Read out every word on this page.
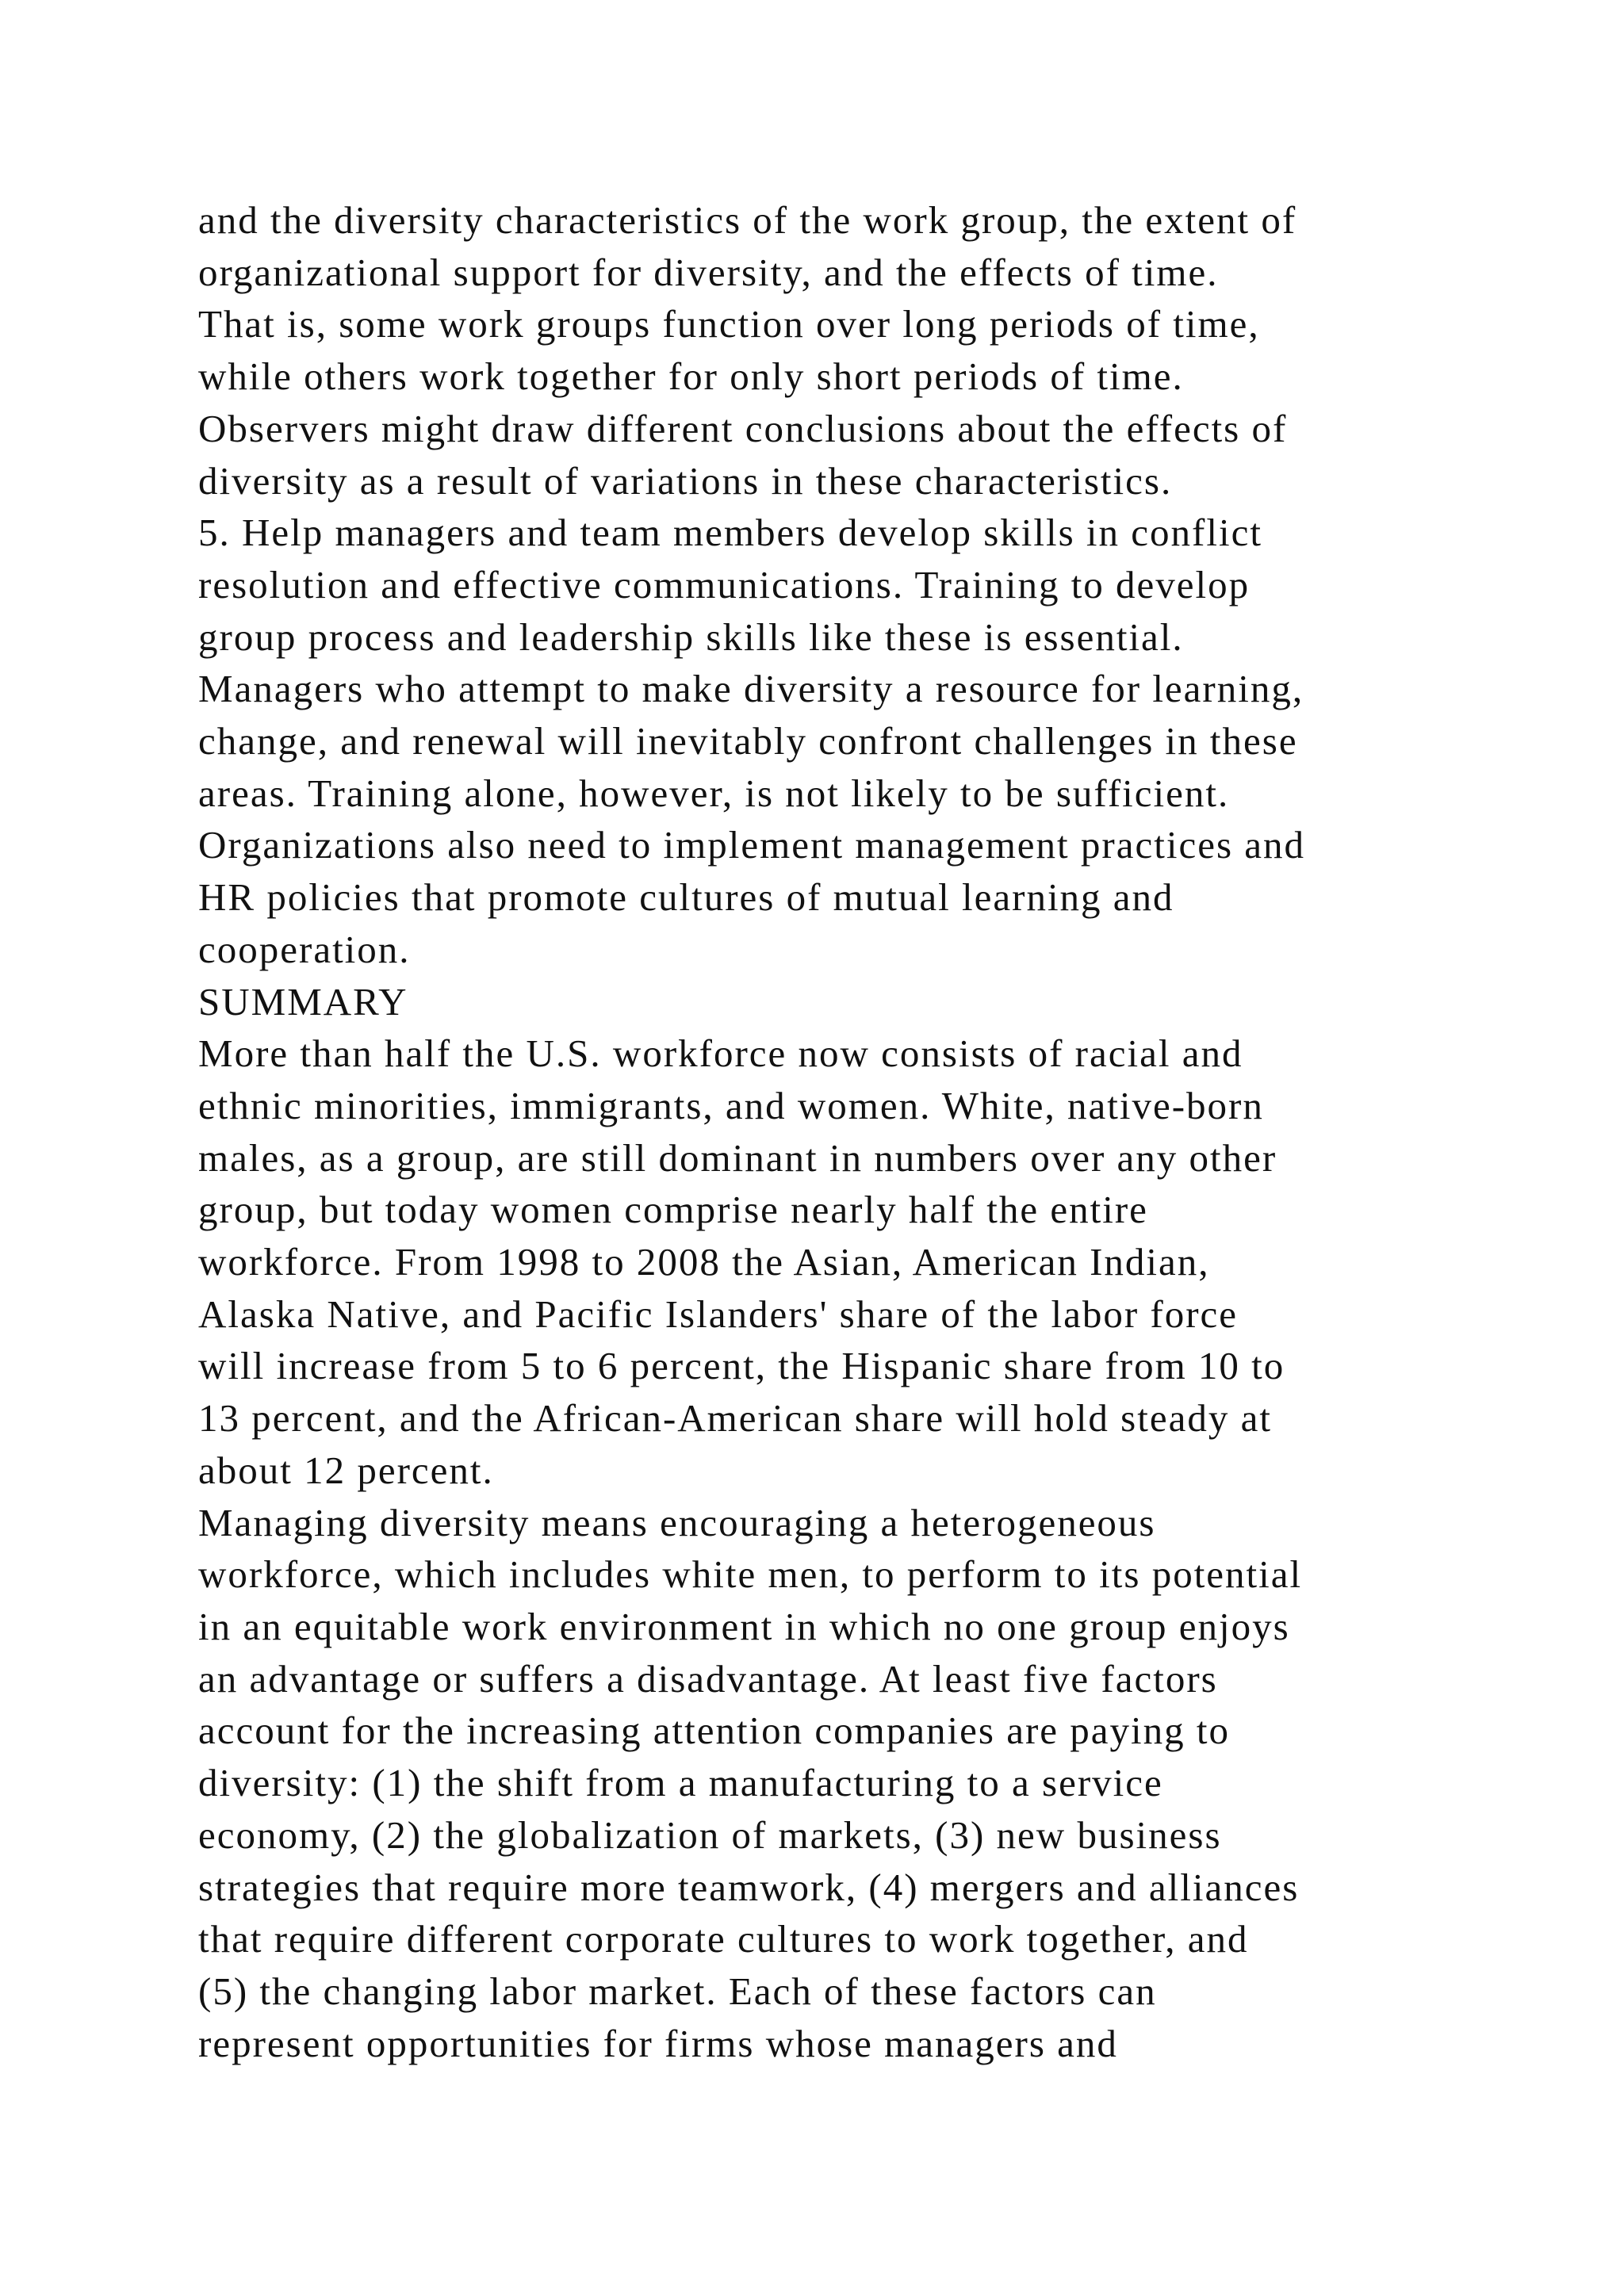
and the diversity characteristics of the work group, the extent of
organizational support for diversity, and the effects of time.
That is, some work groups function over long periods of time,
while others work together for only short periods of time.
Observers might draw different conclusions about the effects of
diversity as a result of variations in these characteristics.
5. Help managers and team members develop skills in conflict
resolution and effective communications. Training to develop
group process and leadership skills like these is essential.
Managers who attempt to make diversity a resource for learning,
change, and renewal will inevitably confront challenges in these
areas. Training alone, however, is not likely to be sufficient.
Organizations also need to implement management practices and
HR policies that promote cultures of mutual learning and
cooperation.
SUMMARY
More than half the U.S. workforce now consists of racial and
ethnic minorities, immigrants, and women. White, native-born
males, as a group, are still dominant in numbers over any other
group, but today women comprise nearly half the entire
workforce. From 1998 to 2008 the Asian, American Indian,
Alaska Native, and Pacific Islanders' share of the labor force
will increase from 5 to 6 percent, the Hispanic share from 10 to
13 percent, and the African-American share will hold steady at
about 12 percent.
Managing diversity means encouraging a heterogeneous
workforce, which includes white men, to perform to its potential
in an equitable work environment in which no one group enjoys
an advantage or suffers a disadvantage. At least five factors
account for the increasing attention companies are paying to
diversity: (1) the shift from a manufacturing to a service
economy, (2) the globalization of markets, (3) new business
strategies that require more teamwork, (4) mergers and alliances
that require different corporate cultures to work together, and
(5) the changing labor market. Each of these factors can
represent opportunities for firms whose managers and
